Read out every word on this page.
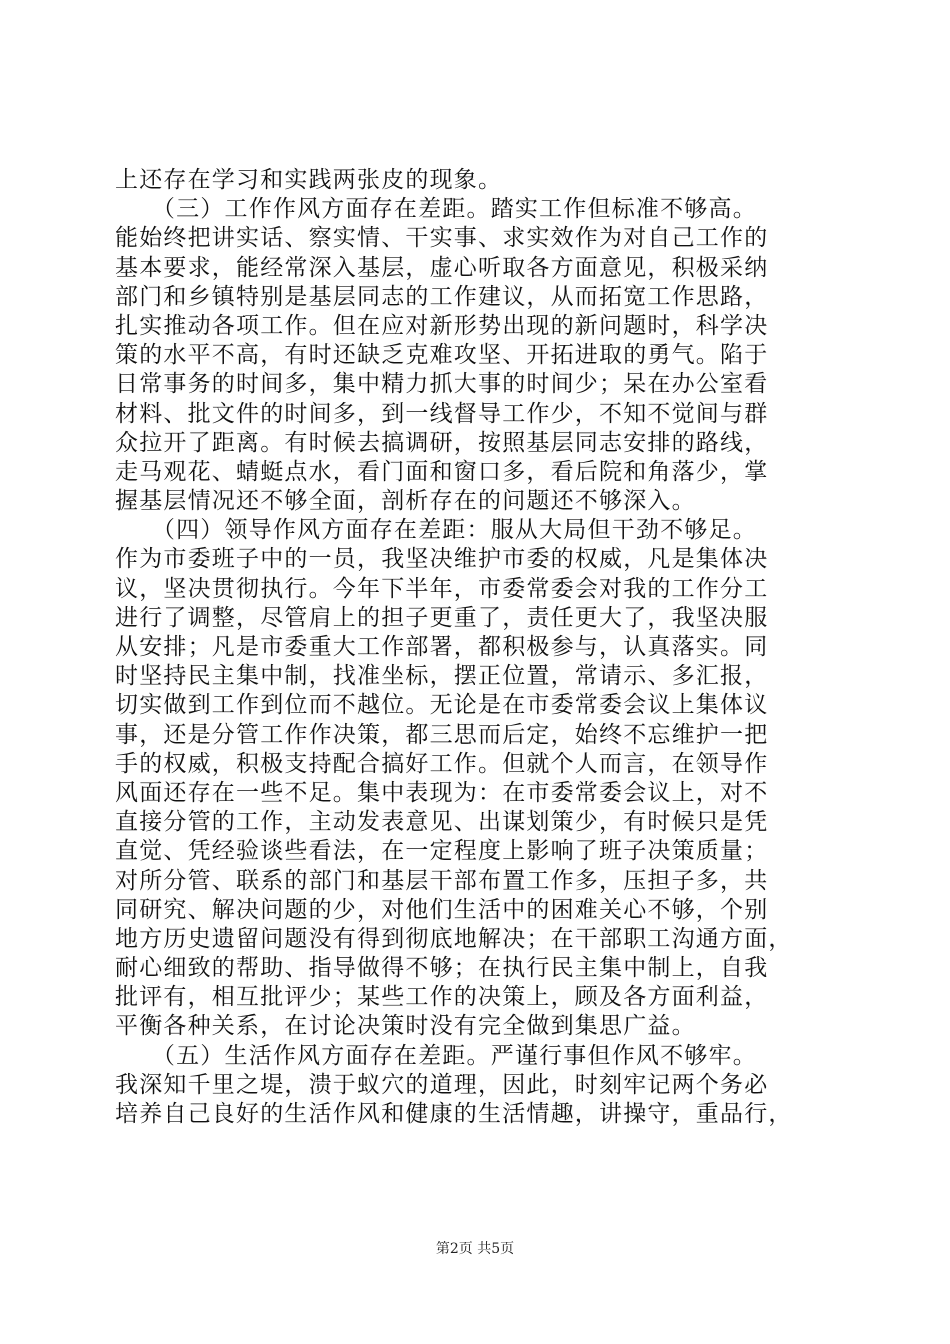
上还存在学习和实践两张皮的现象。
　　（三）工作作风方面存在差距。踏实工作但标准不够高。
能始终把讲实话、察实情、干实事、求实效作为对自己工作的
基本要求，能经常深入基层，虚心听取各方面意见，积极采纳
部门和乡镇特别是基层同志的工作建议，从而拓宽工作思路，
扎实推动各项工作。但在应对新形势出现的新问题时，科学决
策的水平不高，有时还缺乏克难攻坚、开拓进取的勇气。陷于
日常事务的时间多，集中精力抓大事的时间少；呆在办公室看
材料、批文件的时间多，到一线督导工作少，不知不觉间与群
众拉开了距离。有时候去搞调研，按照基层同志安排的路线，
走马观花、蜻蜓点水，看门面和窗口多，看后院和角落少，掌
握基层情况还不够全面，剖析存在的问题还不够深入。
　　（四）领导作风方面存在差距：服从大局但干劲不够足。
作为市委班子中的一员，我坚决维护市委的权威，凡是集体决
议，坚决贯彻执行。今年下半年，市委常委会对我的工作分工
进行了调整，尽管肩上的担子更重了，责任更大了，我坚决服
从安排；凡是市委重大工作部署，都积极参与，认真落实。同
时坚持民主集中制，找准坐标，摆正位置，常请示、多汇报，
切实做到工作到位而不越位。无论是在市委常委会议上集体议
事，还是分管工作作决策，都三思而后定，始终不忘维护一把
手的权威，积极支持配合搞好工作。但就个人而言，在领导作
风面还存在一些不足。集中表现为：在市委常委会议上，对不
直接分管的工作，主动发表意见、出谋划策少，有时候只是凭
直觉、凭经验谈些看法，在一定程度上影响了班子决策质量；
对所分管、联系的部门和基层干部布置工作多，压担子多，共
同研究、解决问题的少，对他们生活中的困难关心不够，个别
地方历史遗留问题没有得到彻底地解决；在干部职工沟通方面，
耐心细致的帮助、指导做得不够；在执行民主集中制上，自我
批评有，相互批评少；某些工作的决策上，顾及各方面利益，
平衡各种关系，在讨论决策时没有完全做到集思广益。
　　（五）生活作风方面存在差距。严谨行事但作风不够牢。
我深知千里之堤，溃于蚁穴的道理，因此，时刻牢记两个务必
培养自己良好的生活作风和健康的生活情趣，讲操守，重品行，
第2页 共5页
